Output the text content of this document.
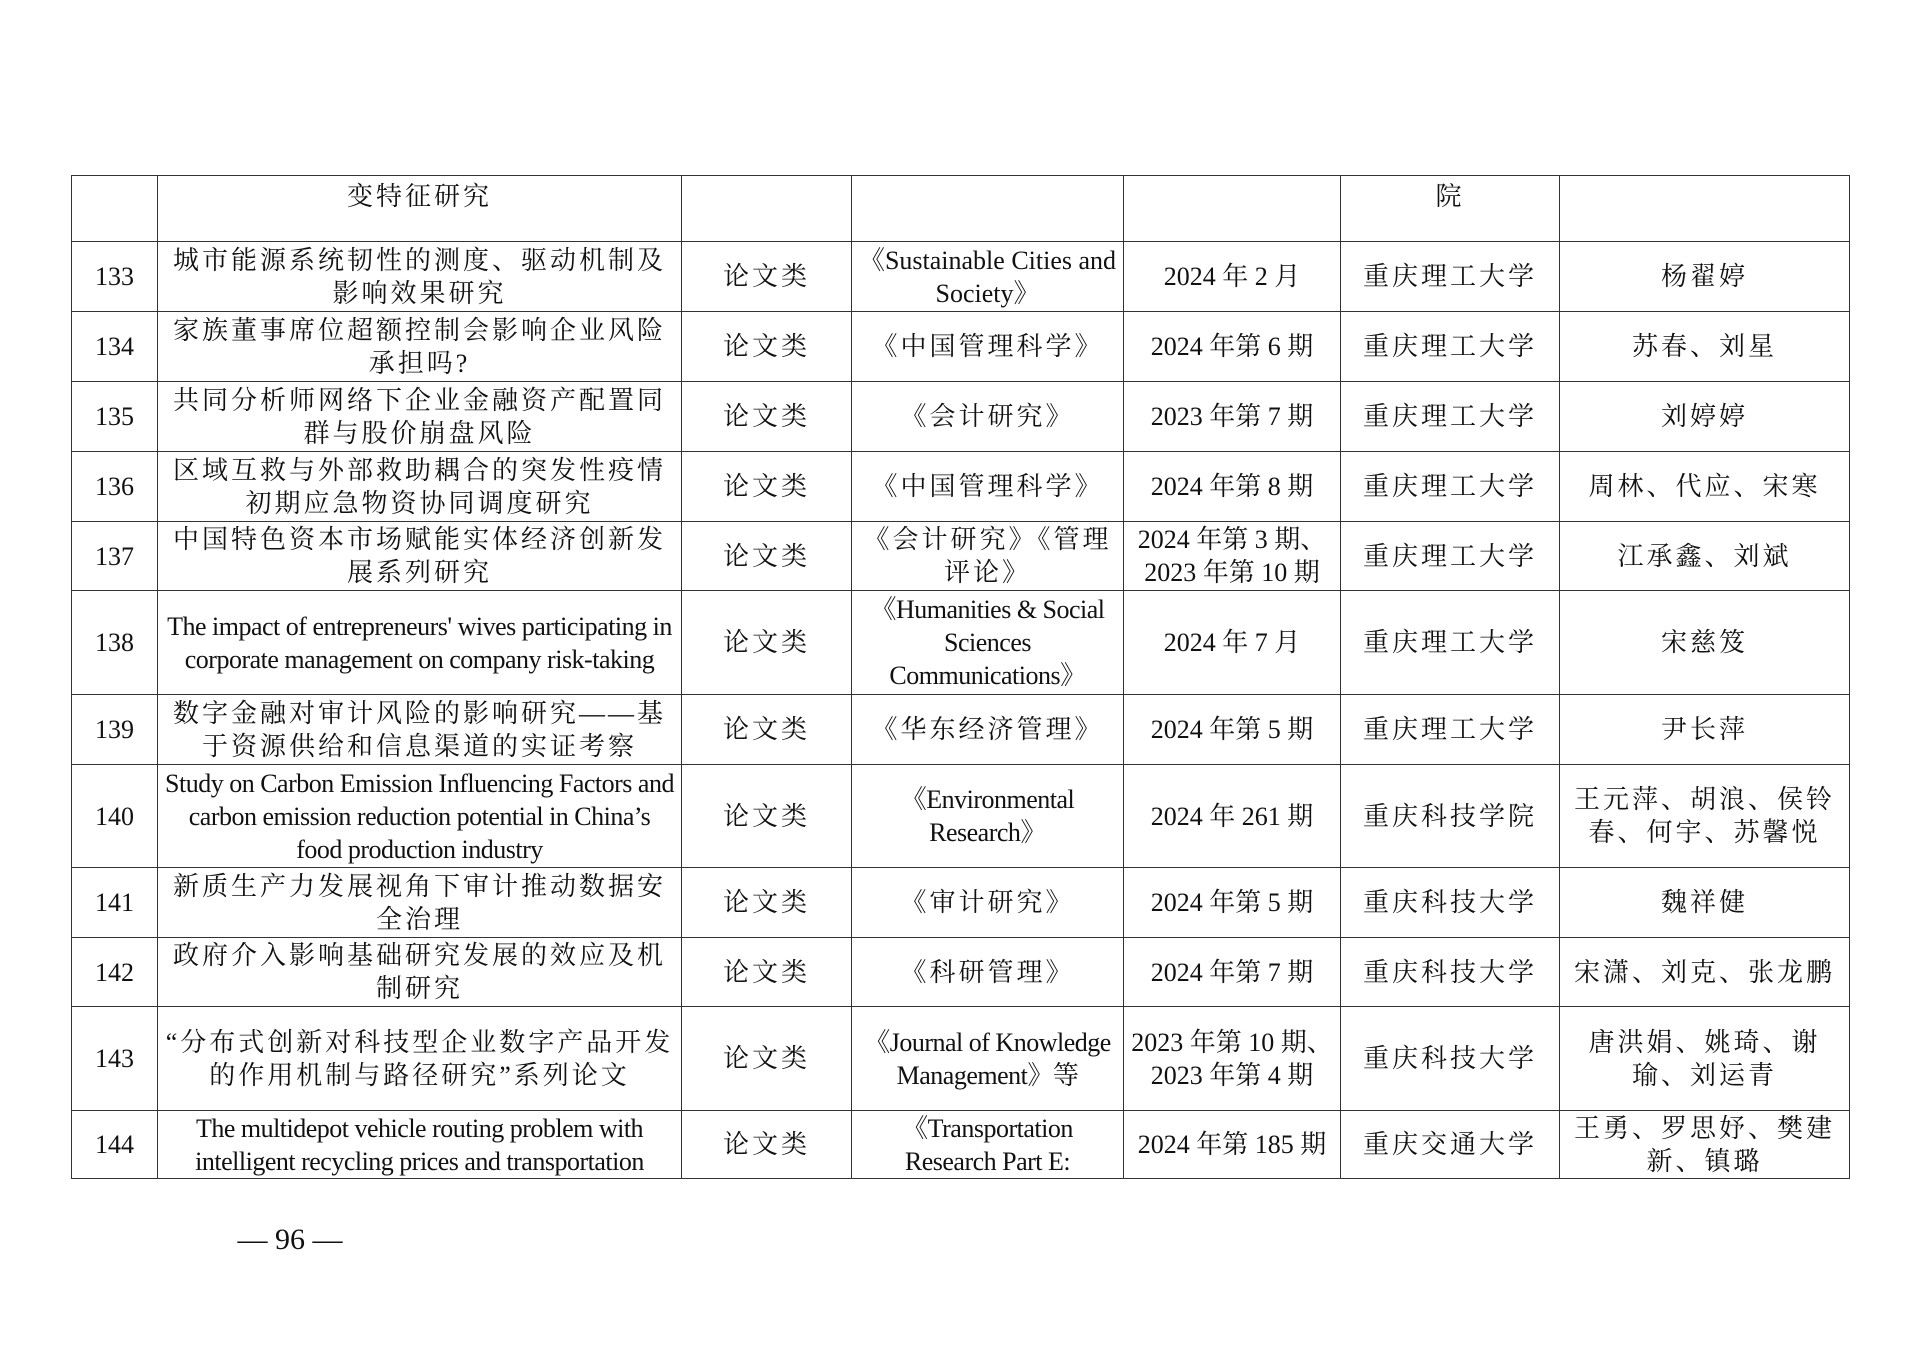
	变特征研究				院	
133	城市能源系统韧性的测度、驱动机制及影响效果研究	论文类	《Sustainable Cities and Society》	2024 年 2 月	重庆理工大学	杨翟婷
134	家族董事席位超额控制会影响企业风险承担吗?	论文类	《中国管理科学》	2024 年第 6 期	重庆理工大学	苏春、刘星
135	共同分析师网络下企业金融资产配置同群与股价崩盘风险	论文类	《会计研究》	2023 年第 7 期	重庆理工大学	刘婷婷
136	区域互救与外部救助耦合的突发性疫情初期应急物资协同调度研究	论文类	《中国管理科学》	2024 年第 8 期	重庆理工大学	周林、代应、宋寒
137	中国特色资本市场赋能实体经济创新发展系列研究	论文类	《会计研究》《管理评论》	2024 年第 3 期、2023 年第 10 期	重庆理工大学	江承鑫、刘斌
138	The impact of entrepreneurs' wives participating in corporate management on company risk-taking	论文类	《Humanities & Social Sciences Communications》	2024 年 7 月	重庆理工大学	宋慈笈
139	数字金融对审计风险的影响研究——基于资源供给和信息渠道的实证考察	论文类	《华东经济管理》	2024 年第 5 期	重庆理工大学	尹长萍
140	Study on Carbon Emission Influencing Factors and carbon emission reduction potential in China’s food production industry	论文类	《Environmental Research》	2024 年 261 期	重庆科技学院	王元萍、胡浪、侯铃春、何宇、苏馨悦
141	新质生产力发展视角下审计推动数据安全治理	论文类	《审计研究》	2024 年第 5 期	重庆科技大学	魏祥健
142	政府介入影响基础研究发展的效应及机制研究	论文类	《科研管理》	2024 年第 7 期	重庆科技大学	宋潇、刘克、张龙鹏
143	“分布式创新对科技型企业数字产品开发的作用机制与路径研究”系列论文	论文类	《Journal of Knowledge Management》等	2023 年第 10 期、2023 年第 4 期	重庆科技大学	唐洪娟、姚琦、谢瑜、刘运青
144	The multidepot vehicle routing problem with intelligent recycling prices and transportation	论文类	《Transportation Research Part E:	2024 年第 185 期	重庆交通大学	王勇、罗思妤、樊建新、镇璐
— 96 —
